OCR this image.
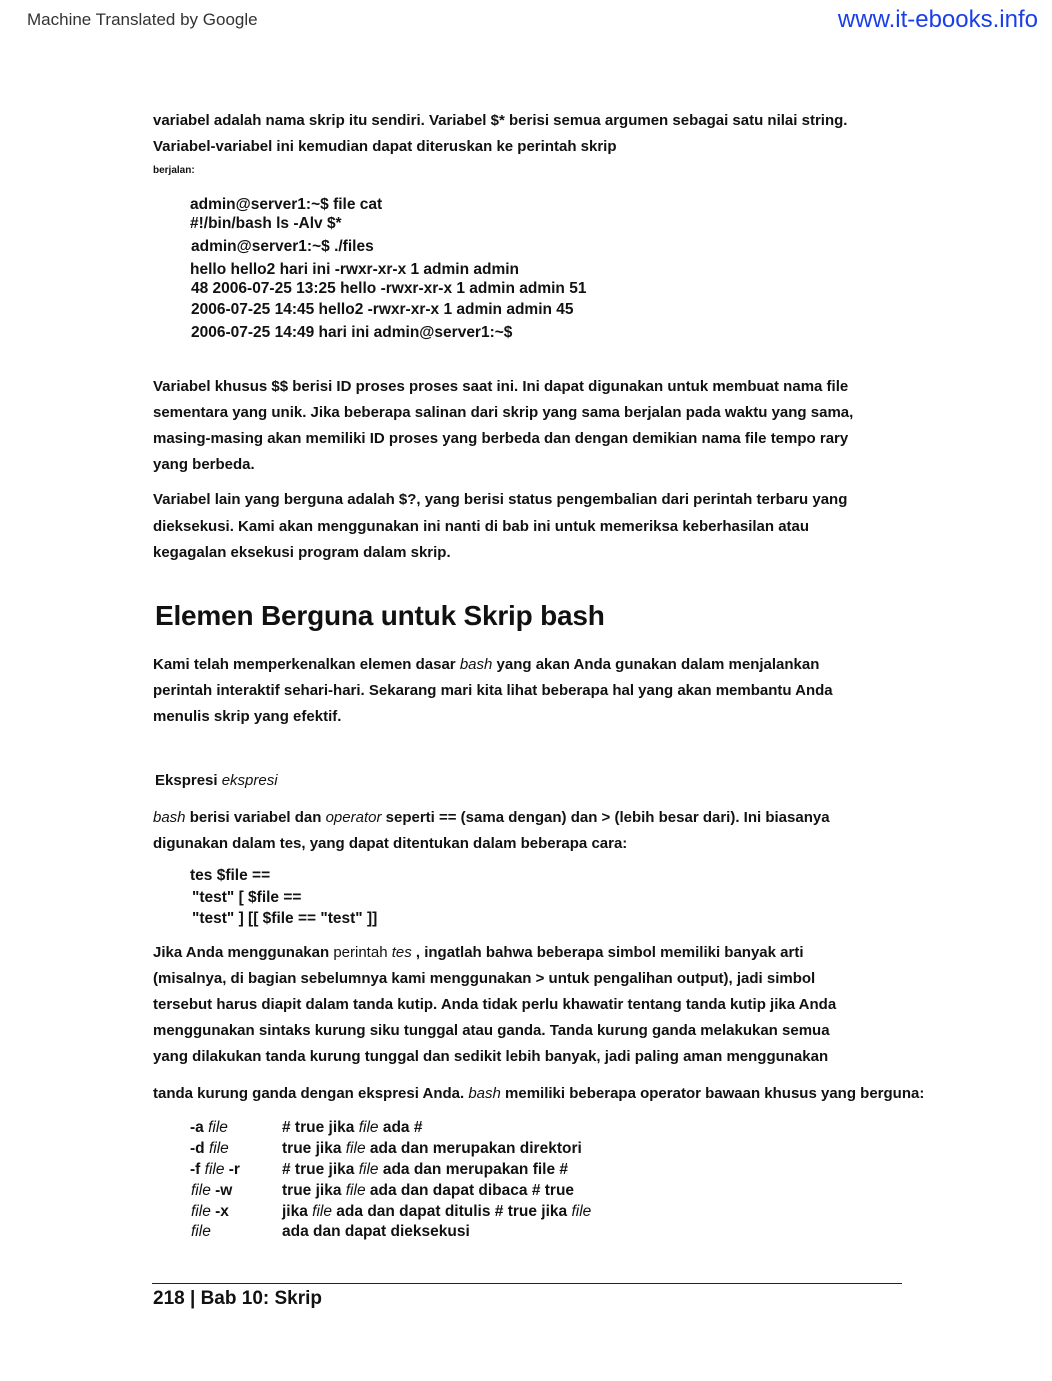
Machine Translated by Google	www.it-ebooks.info
variabel adalah nama skrip itu sendiri. Variabel $* berisi semua argumen sebagai satu nilai string.
Variabel-variabel ini kemudian dapat diteruskan ke perintah skrip
berjalan:
admin@server1:~$ file cat
#!/bin/bash ls -Alv $*
admin@server1:~$ ./files
hello hello2 hari ini -rwxr-xr-x 1 admin admin
48 2006-07-25 13:25 hello -rwxr-xr-x 1 admin admin 51
2006-07-25 14:45 hello2 -rwxr-xr-x 1 admin admin 45
2006-07-25 14:49 hari ini admin@server1:~$
Variabel khusus $$ berisi ID proses proses saat ini. Ini dapat digunakan untuk membuat nama file
sementara yang unik. Jika beberapa salinan dari skrip yang sama berjalan pada waktu yang sama,
masing-masing akan memiliki ID proses yang berbeda dan dengan demikian nama file tempo rary
yang berbeda.
Variabel lain yang berguna adalah $?, yang berisi status pengembalian dari perintah terbaru yang
dieksekusi. Kami akan menggunakan ini nanti di bab ini untuk memeriksa keberhasilan atau
kegagalan eksekusi program dalam skrip.
Elemen Berguna untuk Skrip bash
Kami telah memperkenalkan elemen dasar bash yang akan Anda gunakan dalam menjalankan
perintah interaktif sehari-hari. Sekarang mari kita lihat beberapa hal yang akan membantu Anda
menulis skrip yang efektif.
Ekspresi ekspresi
bash berisi variabel dan operator seperti == (sama dengan) dan > (lebih besar dari). Ini biasanya
digunakan dalam tes, yang dapat ditentukan dalam beberapa cara:
tes $file ==
"test" [ $file ==
"test" ] [[ $file == "test" ]]
Jika Anda menggunakan perintah tes , ingatlah bahwa beberapa simbol memiliki banyak arti
(misalnya, di bagian sebelumnya kami menggunakan > untuk pengalihan output), jadi simbol
tersebut harus diapit dalam tanda kutip. Anda tidak perlu khawatir tentang tanda kutip jika Anda
menggunakan sintaks kurung siku tunggal atau ganda. Tanda kurung ganda melakukan semua
yang dilakukan tanda kurung tunggal dan sedikit lebih banyak, jadi paling aman menggunakan
tanda kurung ganda dengan ekspresi Anda. bash memiliki beberapa operator bawaan khusus yang berguna:
-a file	# true jika file ada #
-d file	true jika file ada dan merupakan direktori
-f file -r	# true jika file ada dan merupakan file #
file -w	true jika file ada dan dapat dibaca # true
file -x	jika file ada dan dapat ditulis # true jika file
file	ada dan dapat dieksekusi
218 | Bab 10: Skrip
